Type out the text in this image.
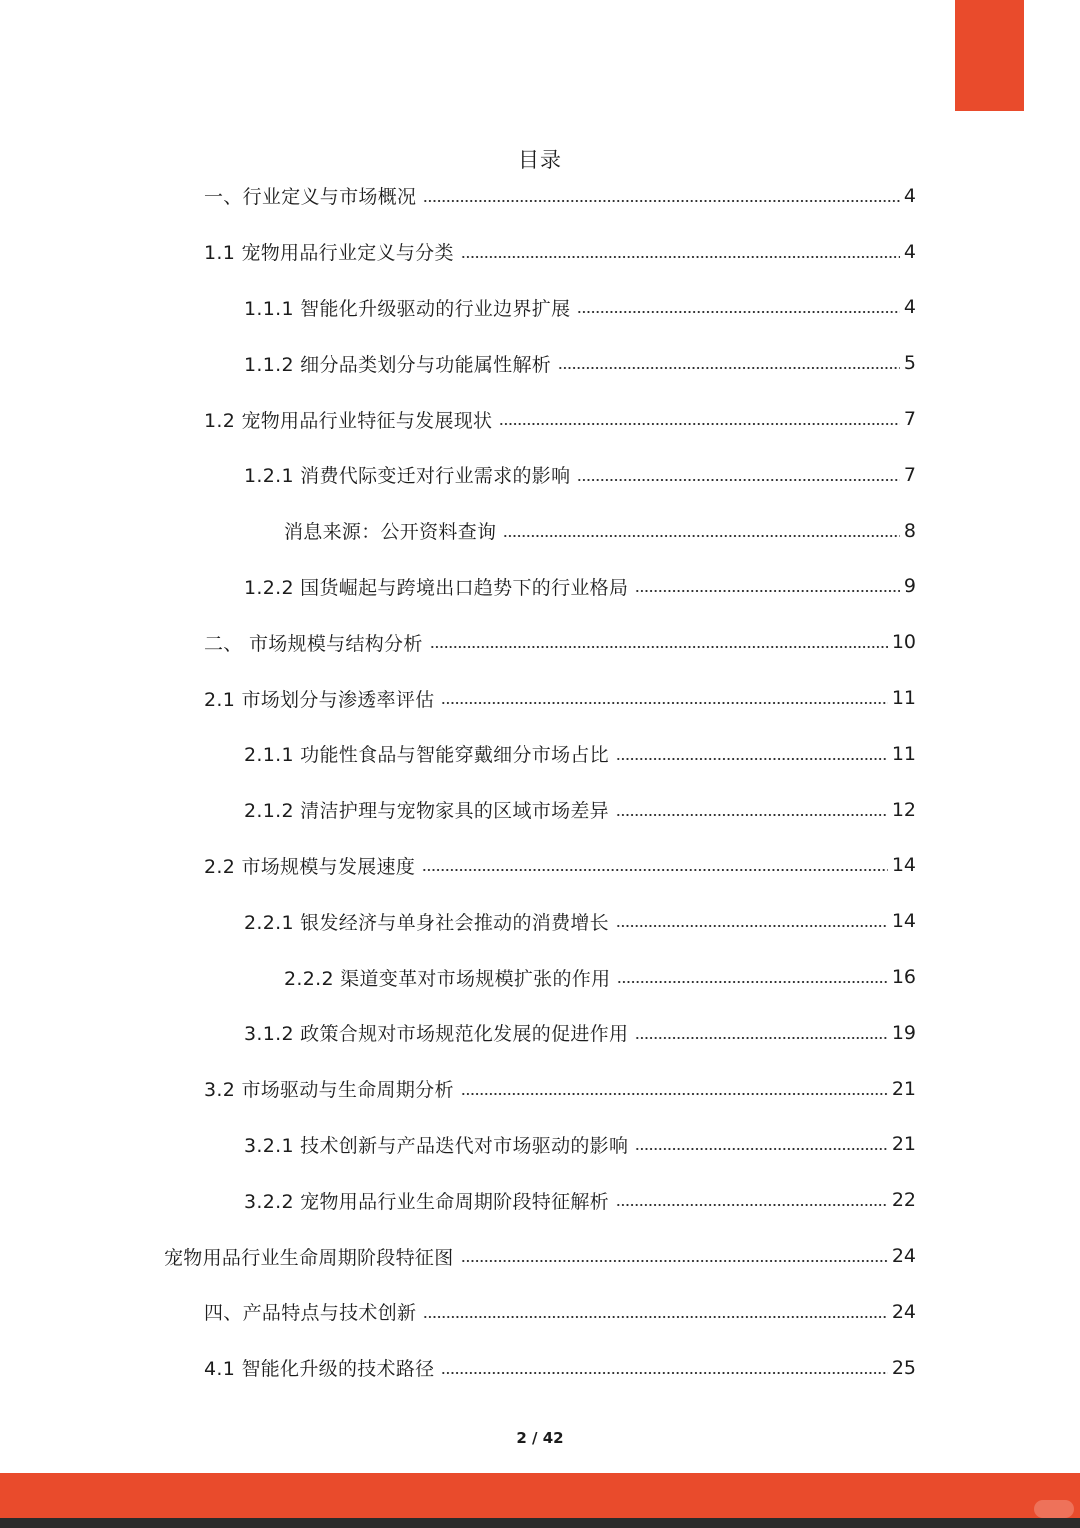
目录
一、行业定义与市场概况	4
1.1 宠物用品行业定义与分类	4
1.1.1 智能化升级驱动的行业边界扩展	4
1.1.2 细分品类划分与功能属性解析	5
1.2 宠物用品行业特征与发展现状	7
1.2.1 消费代际变迁对行业需求的影响	7
消息来源：公开资料查询	8
1.2.2 国货崛起与跨境出口趋势下的行业格局	9
二、 市场规模与结构分析	10
2.1 市场划分与渗透率评估	11
2.1.1 功能性食品与智能穿戴细分市场占比	11
2.1.2 清洁护理与宠物家具的区域市场差异	12
2.2 市场规模与发展速度	14
2.2.1 银发经济与单身社会推动的消费增长	14
2.2.2 渠道变革对市场规模扩张的作用	16
3.1.2 政策合规对市场规范化发展的促进作用	19
3.2 市场驱动与生命周期分析	21
3.2.1 技术创新与产品迭代对市场驱动的影响	21
3.2.2 宠物用品行业生命周期阶段特征解析	22
宠物用品行业生命周期阶段特征图	24
四、产品特点与技术创新	24
4.1 智能化升级的技术路径	25
2 / 42
